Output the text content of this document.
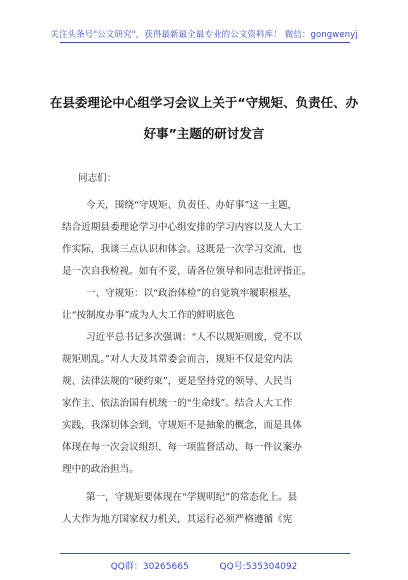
关注头条号"公文研究"，获得最新最全最专业的公文资料库！ 微信：gongwenyj
在县委理论中心组学习会议上关于“守规矩、负责任、办
好事”主题的研讨发言
同志们：
今天，围绕“守规矩、负责任、办好事”这一主题，
结合近期县委理论学习中心组安排的学习内容以及人大工
作实际，我谈三点认识和体会。这既是一次学习交流，也
是一次自我检视。如有不妥，请各位领导和同志批评指正。
一、守规矩：以“政治体检”的自觉筑牢履职根基，
让“按制度办事”成为人大工作的鲜明底色
习近平总书记多次强调：“人不以规矩则废，党不以
规矩则乱。”对人大及其常委会而言，规矩不仅是党内法
规、法律法规的“硬约束”，更是坚持党的领导、人民当
家作主、依法治国有机统一的“生命线”。结合人大工作
实践，我深切体会到，守规矩不是抽象的概念，而是具体
体现在每一次会议组织、每一项监督活动、每一件议案办
理中的政治担当。
第一，守规矩要体现在“学规明纪”的常态化上。县
人大作为地方国家权力机关，其运行必须严格遵循《宪
QQ群：30265665	QQ号:535304092
